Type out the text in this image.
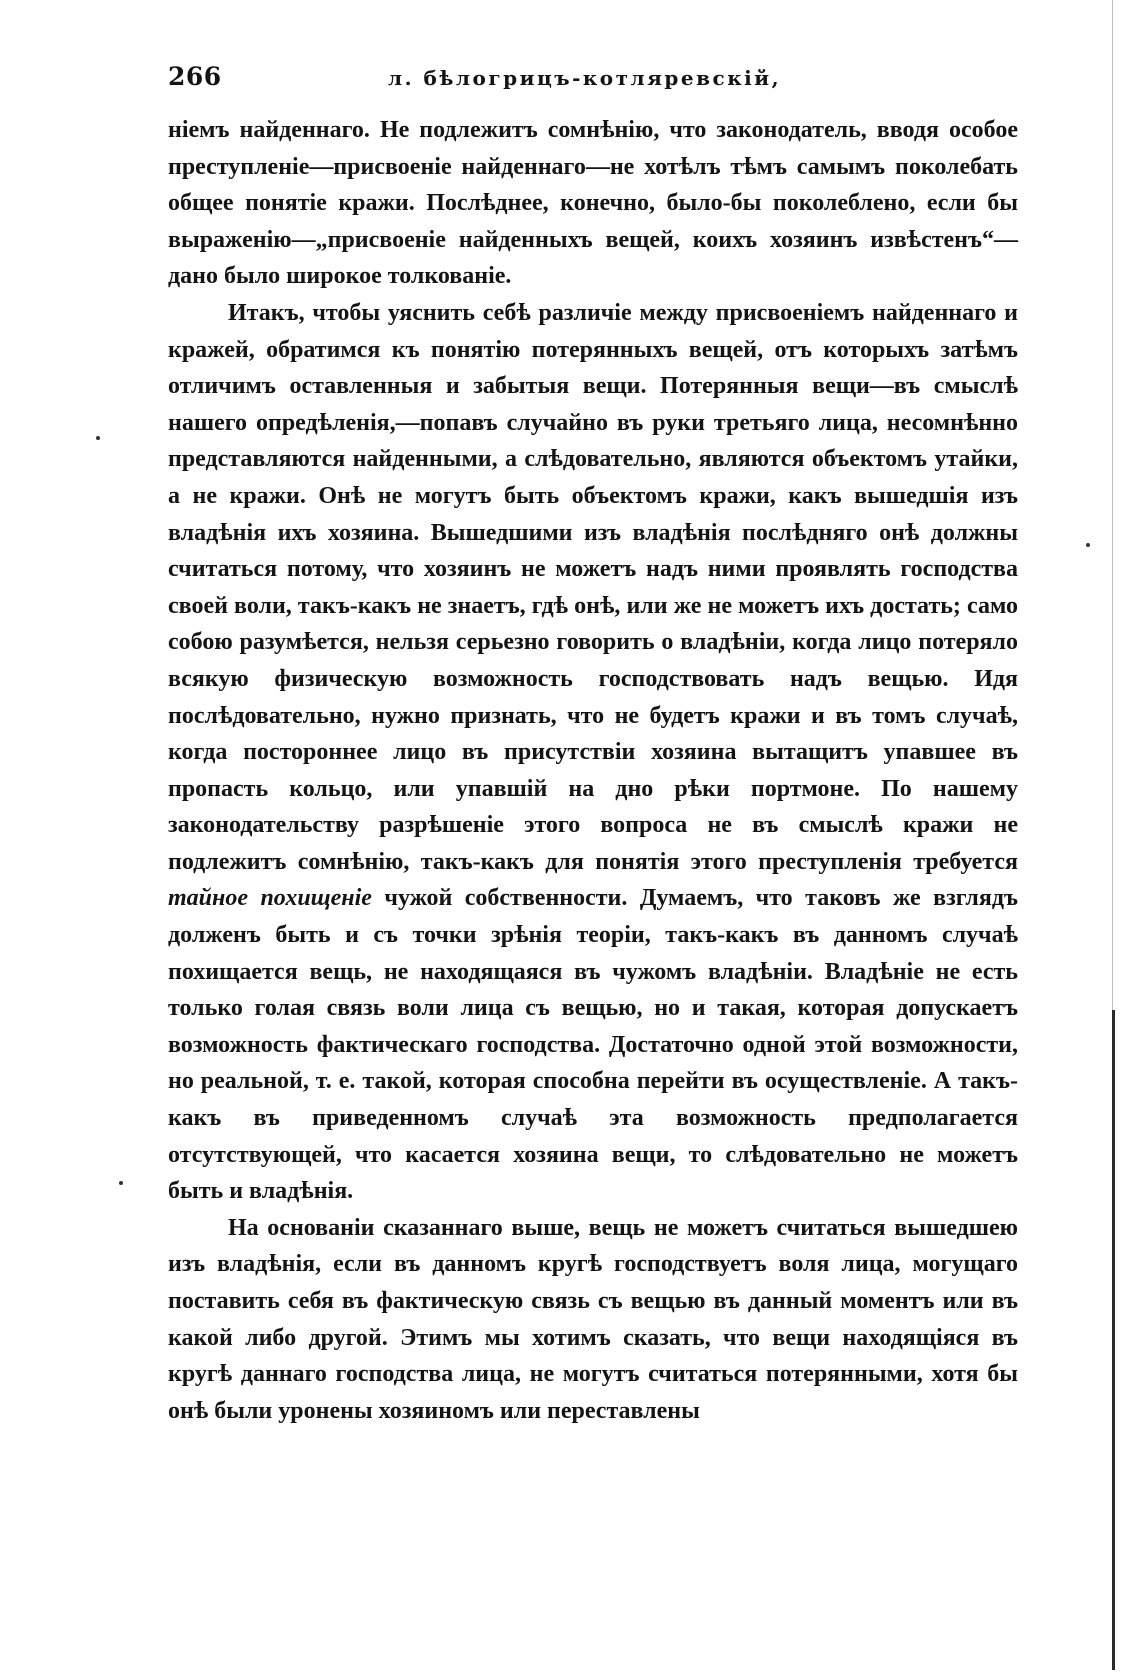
266	л. бѣлогрицъ-котляревскій,

ніемъ найденнаго. Не подлежитъ сомнѣнію, что законодатель, вводя особое преступленіе—присвоеніе найденнаго—не хотѣлъ тѣмъ самымъ поколебать общее понятіе кражи. Послѣднее, конечно, было-бы поколеблено, если бы выраженію—„присвоеніе найденныхъ вещей, коихъ хозяинъ извѣстенъ“—дано было широкое толкованіе.

Итакъ, чтобы уяснить себѣ различіе между присвоеніемъ найденнаго и кражей, обратимся къ понятію потерянныхъ вещей, отъ которыхъ затѣмъ отличимъ оставленныя и забытыя вещи. Потерянныя вещи—въ смыслѣ нашего опредѣленія,—попавъ случайно въ руки третьяго лица, несомнѣнно представляются найденными, а слѣдовательно, являются объектомъ утайки, а не кражи. Онѣ не могутъ быть объектомъ кражи, какъ вышедшія изъ владѣнія ихъ хозяина. Вышедшими изъ владѣнія послѣдняго онѣ должны считаться потому, что хозяинъ не можетъ надъ ними проявлять господства своей воли, такъ-какъ не знаетъ, гдѣ онѣ, или же не можетъ ихъ достать; само собою разумѣется, нельзя серьезно говорить о владѣніи, когда лицо потеряло всякую физическую возможность господствовать надъ вещью. Идя послѣдовательно, нужно признать, что не будетъ кражи и въ томъ случаѣ, когда постороннее лицо въ присутствіи хозяина вытащитъ упавшее въ пропасть кольцо, или упавшій на дно рѣки портмоне. По нашему законодательству разрѣшеніе этого вопроса не въ смыслѣ кражи не подлежитъ сомнѣнію, такъ-какъ для понятія этого преступленія требуется тайное похищеніе чужой собственности. Думаемъ, что таковъ же взглядъ долженъ быть и съ точки зрѣнія теоріи, такъ-какъ въ данномъ случаѣ похищается вещь, не находящаяся въ чужомъ владѣніи. Владѣніе не есть только голая связь воли лица съ вещью, но и такая, которая допускаетъ возможность фактическаго господства. Достаточно одной этой возможности, но реальной, т. е. такой, которая способна перейти въ осуществленіе. А такъ-какъ въ приведенномъ случаѣ эта возможность предполагается отсутствующей, что касается хозяина вещи, то слѣдовательно не можетъ быть и владѣнія.

На основаніи сказаннаго выше, вещь не можетъ считаться вышедшею изъ владѣнія, если въ данномъ кругѣ господствуетъ воля лица, могущаго поставить себя въ фактическую связь съ вещью въ данный моментъ или въ какой либо другой. Этимъ мы хотимъ сказать, что вещи находящіяся въ кругѣ даннаго господства лица, не могутъ считаться потерянными, хотя бы онѣ были уронены хозяиномъ или переставлены
